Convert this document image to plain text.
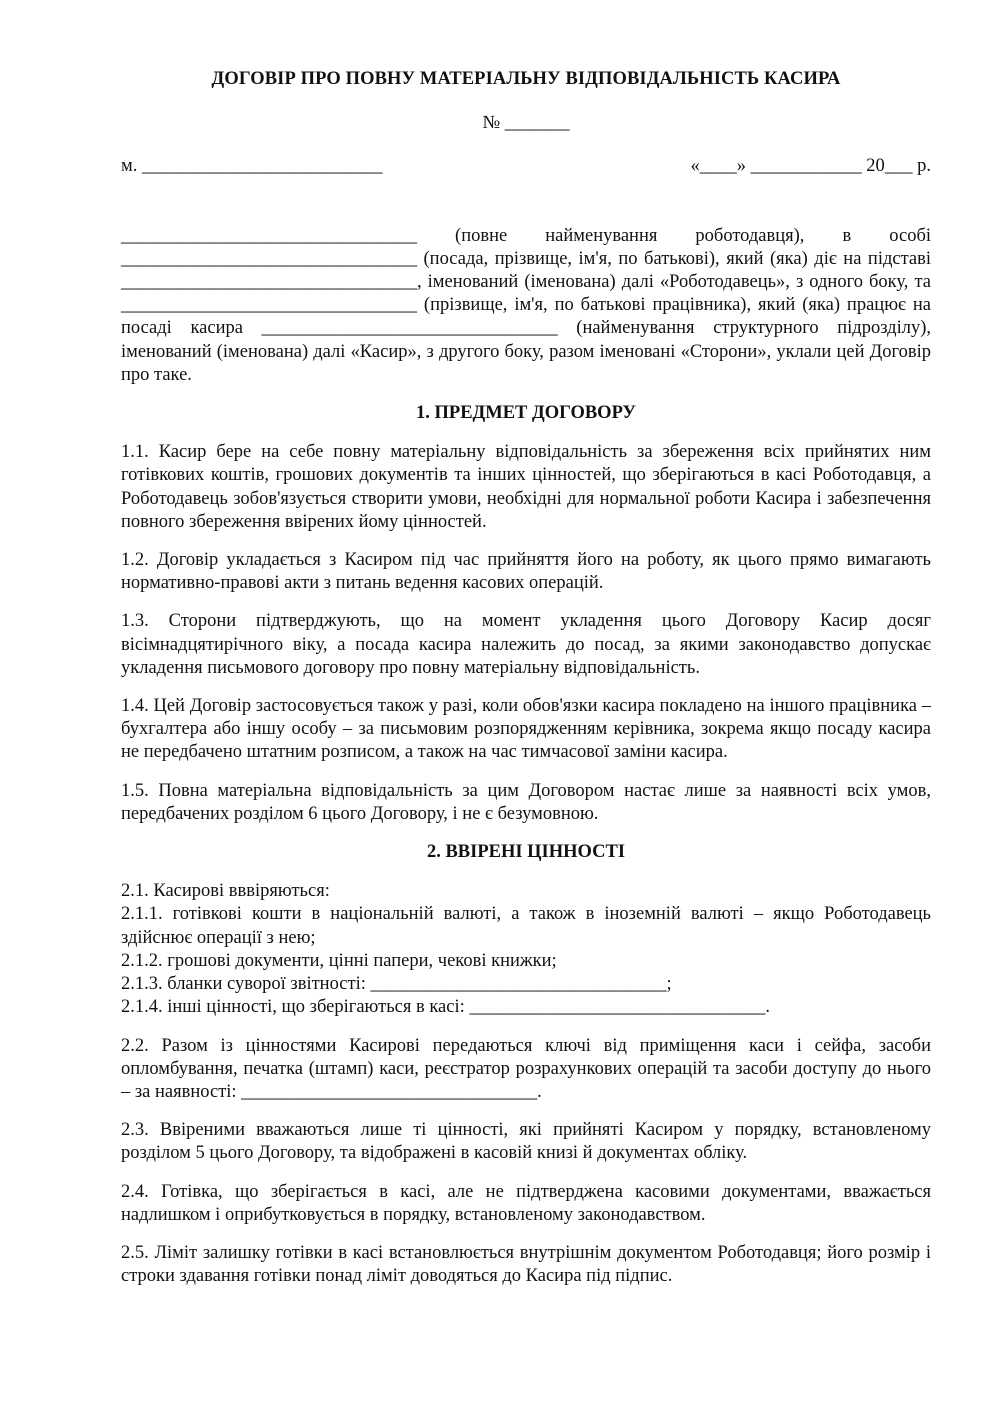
ДОГОВІР ПРО ПОВНУ МАТЕРІАЛЬНУ ВІДПОВІДАЛЬНІСТЬ КАСИРА
№ _______
м. __________________________	«____» ____________ 20___ р.
________________________________ (повне найменування роботодавця), в особі ________________________________ (посада, прізвище, ім'я, по батькові), який (яка) діє на підставі ________________________________, іменований (іменована) далі «Роботодавець», з одного боку, та ________________________________ (прізвище, ім'я, по батькові працівника), який (яка) працює на посаді касира ________________________________ (найменування структурного підрозділу), іменований (іменована) далі «Касир», з другого боку, разом іменовані «Сторони», уклали цей Договір про таке.
1. ПРЕДМЕТ ДОГОВОРУ
1.1. Касир бере на себе повну матеріальну відповідальність за збереження всіх прийнятих ним готівкових коштів, грошових документів та інших цінностей, що зберігаються в касі Роботодавця, а Роботодавець зобов'язується створити умови, необхідні для нормальної роботи Касира і забезпечення повного збереження ввірених йому цінностей.
1.2. Договір укладається з Касиром під час прийняття його на роботу, як цього прямо вимагають нормативно-правові акти з питань ведення касових операцій.
1.3. Сторони підтверджують, що на момент укладення цього Договору Касир досяг вісімнадцятирічного віку, а посада касира належить до посад, за якими законодавство допускає укладення письмового договору про повну матеріальну відповідальність.
1.4. Цей Договір застосовується також у разі, коли обов'язки касира покладено на іншого працівника – бухгалтера або іншу особу – за письмовим розпорядженням керівника, зокрема якщо посаду касира не передбачено штатним розписом, а також на час тимчасової заміни касира.
1.5. Повна матеріальна відповідальність за цим Договором настає лише за наявності всіх умов, передбачених розділом 6 цього Договору, і не є безумовною.
2. ВВІРЕНІ ЦІННОСТІ
2.1. Касирові вввіряються:
2.1.1. готівкові кошти в національній валюті, а також в іноземній валюті – якщо Роботодавець здійснює операції з нею;
2.1.2. грошові документи, цінні папери, чекові книжки;
2.1.3. бланки суворої звітності: ________________________________;
2.1.4. інші цінності, що зберігаються в касі: ________________________________.
2.2. Разом із цінностями Касирові передаються ключі від приміщення каси і сейфа, засоби опломбування, печатка (штамп) каси, реєстратор розрахункових операцій та засоби доступу до нього – за наявності: ________________________________.
2.3. Ввіреними вважаються лише ті цінності, які прийняті Касиром у порядку, встановленому розділом 5 цього Договору, та відображені в касовій книзі й документах обліку.
2.4. Готівка, що зберігається в касі, але не підтверджена касовими документами, вважається надлишком і оприбутковується в порядку, встановленому законодавством.
2.5. Ліміт залишку готівки в касі встановлюється внутрішнім документом Роботодавця; його розмір і строки здавання готівки понад ліміт доводяться до Касира під підпис.
